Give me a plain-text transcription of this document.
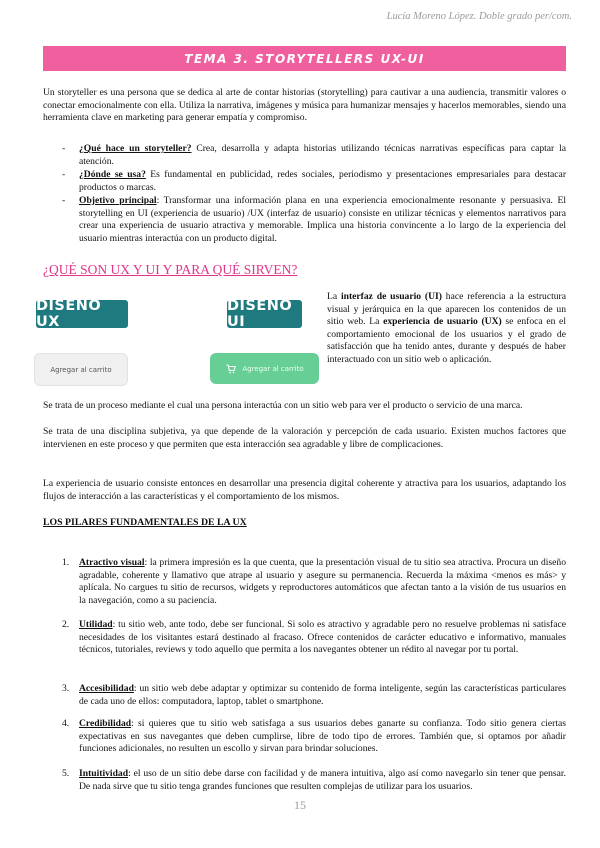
Lucía Moreno López. Doble grado per/com.
TEMA 3. STORYTELLERS UX-UI
Un storyteller es una persona que se dedica al arte de contar historias (storytelling) para cautivar a una audiencia, transmitir valores o conectar emocionalmente con ella. Utiliza la narrativa, imágenes y música para humanizar mensajes y hacerlos memorables, siendo una herramienta clave en marketing para generar empatía y compromiso.
- ¿Qué hace un storyteller? Crea, desarrolla y adapta historias utilizando técnicas narrativas específicas para captar la atención.
- ¿Dónde se usa? Es fundamental en publicidad, redes sociales, periodismo y presentaciones empresariales para destacar productos o marcas.
- Objetivo principal: Transformar una información plana en una experiencia emocionalmente resonante y persuasiva. El storytelling en UI (experiencia de usuario) /UX (interfaz de usuario) consiste en utilizar técnicas y elementos narrativos para crear una experiencia de usuario atractiva y memorable. Implica una historia convincente a lo largo de la experiencia del usuario mientras interactúa con un producto digital.
¿QUÉ SON UX Y UI Y PARA QUÉ SIRVEN?
DISEÑO UX
DISEÑO UI
Agregar al carrito	Agregar al carrito
La interfaz de usuario (UI) hace referencia a la estructura visual y jerárquica en la que aparecen los contenidos de un sitio web. La experiencia de usuario (UX) se enfoca en el comportamiento emocional de los usuarios y el grado de satisfacción que ha tenido antes, durante y después de haber interactuado con un sitio web o aplicación.
Se trata de un proceso mediante el cual una persona interactúa con un sitio web para ver el producto o servicio de una marca.
Se trata de una disciplina subjetiva, ya que depende de la valoración y percepción de cada usuario. Existen muchos factores que intervienen en este proceso y que permiten que esta interacción sea agradable y libre de complicaciones.
La experiencia de usuario consiste entonces en desarrollar una presencia digital coherente y atractiva para los usuarios, adaptando los flujos de interacción a las características y el comportamiento de los mismos.
LOS PILARES FUNDAMENTALES DE LA UX
1. Atractivo visual: la primera impresión es la que cuenta, que la presentación visual de tu sitio sea atractiva. Procura un diseño agradable, coherente y llamativo que atrape al usuario y asegure su permanencia. Recuerda la máxima <menos es más> y aplícala. No cargues tu sitio de recursos, widgets y reproductores automáticos que afectan tanto a la visión de tus usuarios en la navegación, como a su paciencia.
2. Utilidad: tu sitio web, ante todo, debe ser funcional. Si solo es atractivo y agradable pero no resuelve problemas ni satisface necesidades de los visitantes estará destinado al fracaso. Ofrece contenidos de carácter educativo e informativo, manuales técnicos, tutoriales, reviews y todo aquello que permita a los navegantes obtener un rédito al navegar por tu portal.
3. Accesibilidad: un sitio web debe adaptar y optimizar su contenido de forma inteligente, según las características particulares de cada uno de ellos: computadora, laptop, tablet o smartphone.
4. Credibilidad: si quieres que tu sitio web satisfaga a sus usuarios debes ganarte su confianza. Todo sitio genera ciertas expectativas en sus navegantes que deben cumplirse, libre de todo tipo de errores. También que, si optamos por añadir funciones adicionales, no resulten un escollo y sirvan para brindar soluciones.
5. Intuitividad: el uso de un sitio debe darse con facilidad y de manera intuitiva, algo así como navegarlo sin tener que pensar. De nada sirve que tu sitio tenga grandes funciones que resulten complejas de utilizar para los usuarios.
15
